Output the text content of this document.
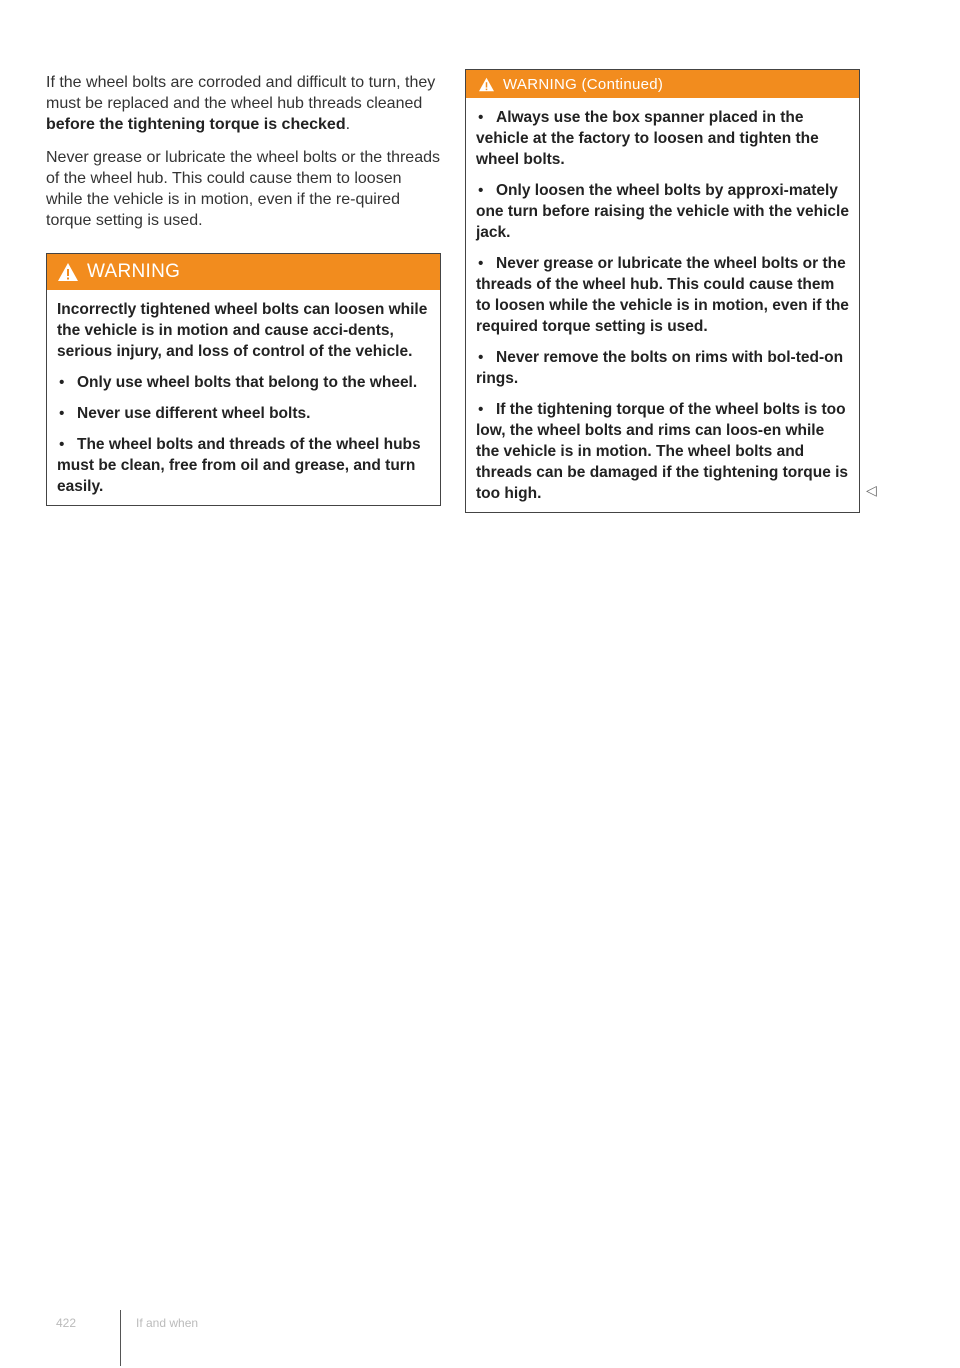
If the wheel bolts are corroded and difficult to turn, they must be replaced and the wheel hub threads cleaned before the tightening torque is checked.

Never grease or lubricate the wheel bolts or the threads of the wheel hub. This could cause them to loosen while the vehicle is in motion, even if the re-quired torque setting is used.

WARNING

Incorrectly tightened wheel bolts can loosen while the vehicle is in motion and cause acci-dents, serious injury, and loss of control of the vehicle.

• Only use wheel bolts that belong to the wheel.

• Never use different wheel bolts.

• The wheel bolts and threads of the wheel hubs must be clean, free from oil and grease, and turn easily.

WARNING (Continued)

• Always use the box spanner placed in the vehicle at the factory to loosen and tighten the wheel bolts.

• Only loosen the wheel bolts by approxi-mately one turn before raising the vehicle with the vehicle jack.

• Never grease or lubricate the wheel bolts or the threads of the wheel hub. This could cause them to loosen while the vehicle is in motion, even if the required torque setting is used.

• Never remove the bolts on rims with bol-ted-on rings.

• If the tightening torque of the wheel bolts is too low, the wheel bolts and rims can loos-en while the vehicle is in motion. The wheel bolts and threads can be damaged if the tightening torque is too high.	◁
422	If and when
